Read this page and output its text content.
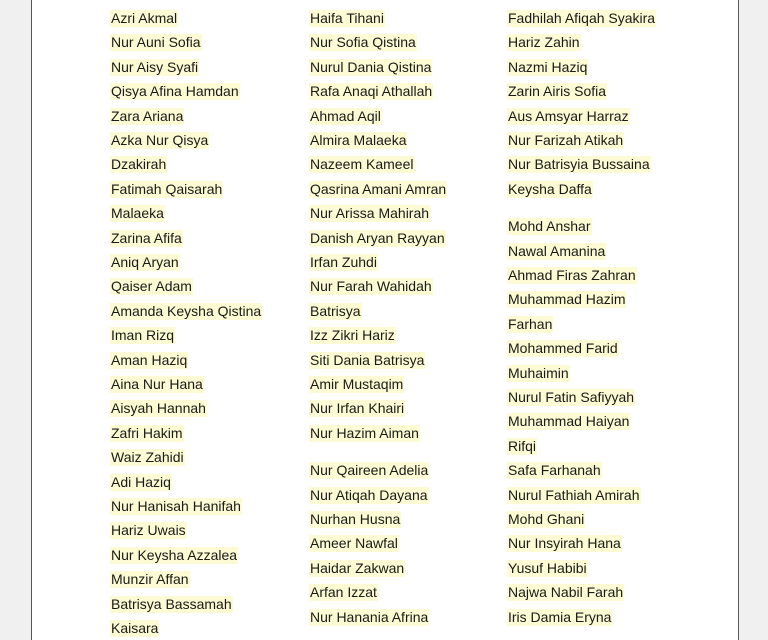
Azri Akmal
Nur Auni Sofia
Nur Aisy Syafi
Qisya Afina Hamdan
Zara Ariana
Azka Nur Qisya
Dzakirah
Fatimah Qaisarah
Malaeka
Zarina Afifa
Aniq Aryan
Qaiser Adam
Amanda Keysha Qistina
Iman Rizq
Aman Haziq
Aina Nur Hana
Aisyah Hannah
Zafri Hakim
Waiz Zahidi
Adi Haziq
Nur Hanisah Hanifah
Hariz Uwais
Nur Keysha Azzalea
Munzir Affan
Batrisya Bassamah
Kaisara
Haifa Tihani
Nur Sofia Qistina
Nurul Dania Qistina
Rafa Anaqi Athallah
Ahmad Aqil
Almira Malaeka
Nazeem Kameel
Qasrina Amani Amran
Nur Arissa Mahirah
Danish Aryan Rayyan
Irfan Zuhdi
Nur Farah Wahidah
Batrisya
Izz Zikri Hariz
Siti Dania Batrisya
Amir Mustaqim
Nur Irfan Khairi
Nur Hazim Aiman
Nur Qaireen Adelia
Nur Atiqah Dayana
Nurhan Husna
Ameer Nawfal
Haidar Zakwan
Arfan Izzat
Nur Hanania Afrina
Fadhilah Afiqah Syakira
Hariz Zahin
Nazmi Haziq
Zarin Airis Sofia
Aus Amsyar Harraz
Nur Farizah Atikah
Nur Batrisyia Bussaina
Keysha Daffa
Mohd Anshar
Nawal Amanina
Ahmad Firas Zahran
Muhammad Hazim
Farhan
Mohammed Farid
Muhaimin
Nurul Fatin Safiyyah
Muhammad Haiyan
Rifqi
Safa Farhanah
Nurul Fathiah Amirah
Mohd Ghani
Nur Insyirah Hana
Yusuf Habibi
Najwa Nabil Farah
Iris Damia Eryna
